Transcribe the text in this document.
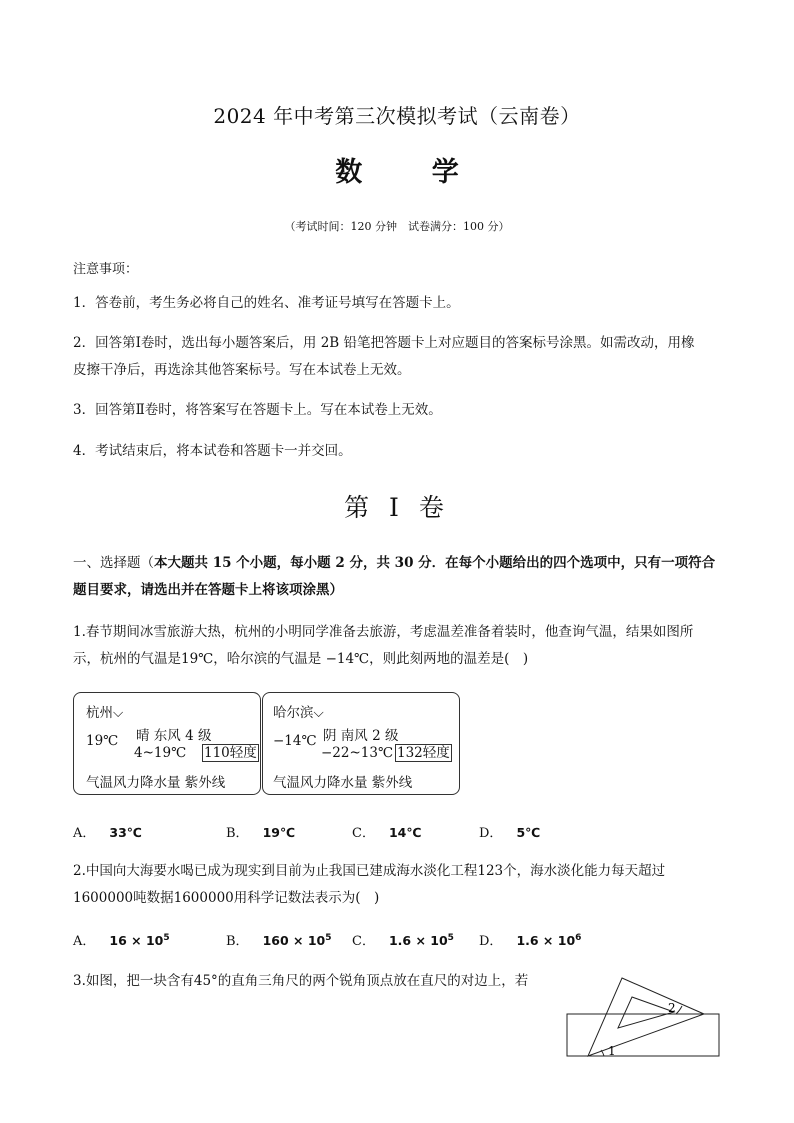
2024 年中考第三次模拟考试（云南卷）
数 学
（考试时间：120 分钟　试卷满分：100 分）
注意事项：
1．答卷前，考生务必将自己的姓名、准考证号填写在答题卡上。
2．回答第Ⅰ卷时，选出每小题答案后，用 2B 铅笔把答题卡上对应题目的答案标号涂黑。如需改动，用橡
皮擦干净后，再选涂其他答案标号。写在本试卷上无效。
3．回答第Ⅱ卷时，将答案写在答题卡上。写在本试卷上无效。
4．考试结束后，将本试卷和答题卡一并交回。
第 I 卷
一、选择题（本大题共 15 个小题，每小题 2 分，共 30 分．在每个小题给出的四个选项中，只有一项符合
题目要求，请选出并在答题卡上将该项涂黑）
1.春节期间冰雪旅游大热，杭州的小明同学准备去旅游，考虑温差准备着装时，他查询气温，结果如图所
示，杭州的气温是19℃，哈尔滨的气温是 −14℃，则此刻两地的温差是(　)
杭州⌵
19℃ 晴 东风 4 级
4~19℃ 110轻度
气温风力降水量 紫外线
哈尔滨⌵
−14℃ 阴 南风 2 级
−22~13℃ 132轻度
气温风力降水量 紫外线
A． 33℃	B． 19℃	C． 14℃	D． 5℃
2.中国向大海要水喝已成为现实到目前为止我国已建成海水淡化工程123个，海水淡化能力每天超过
1600000吨数据1600000用科学记数法表示为(　)
A． $16 \times 10^5$	B． $160 \times 10^5$ C． $1.6 \times 10^5$ D． $1.6 \times 10^6$
3.如图，把一块含有45°的直角三角尺的两个锐角顶点放在直尺的对边上，若
2
1
